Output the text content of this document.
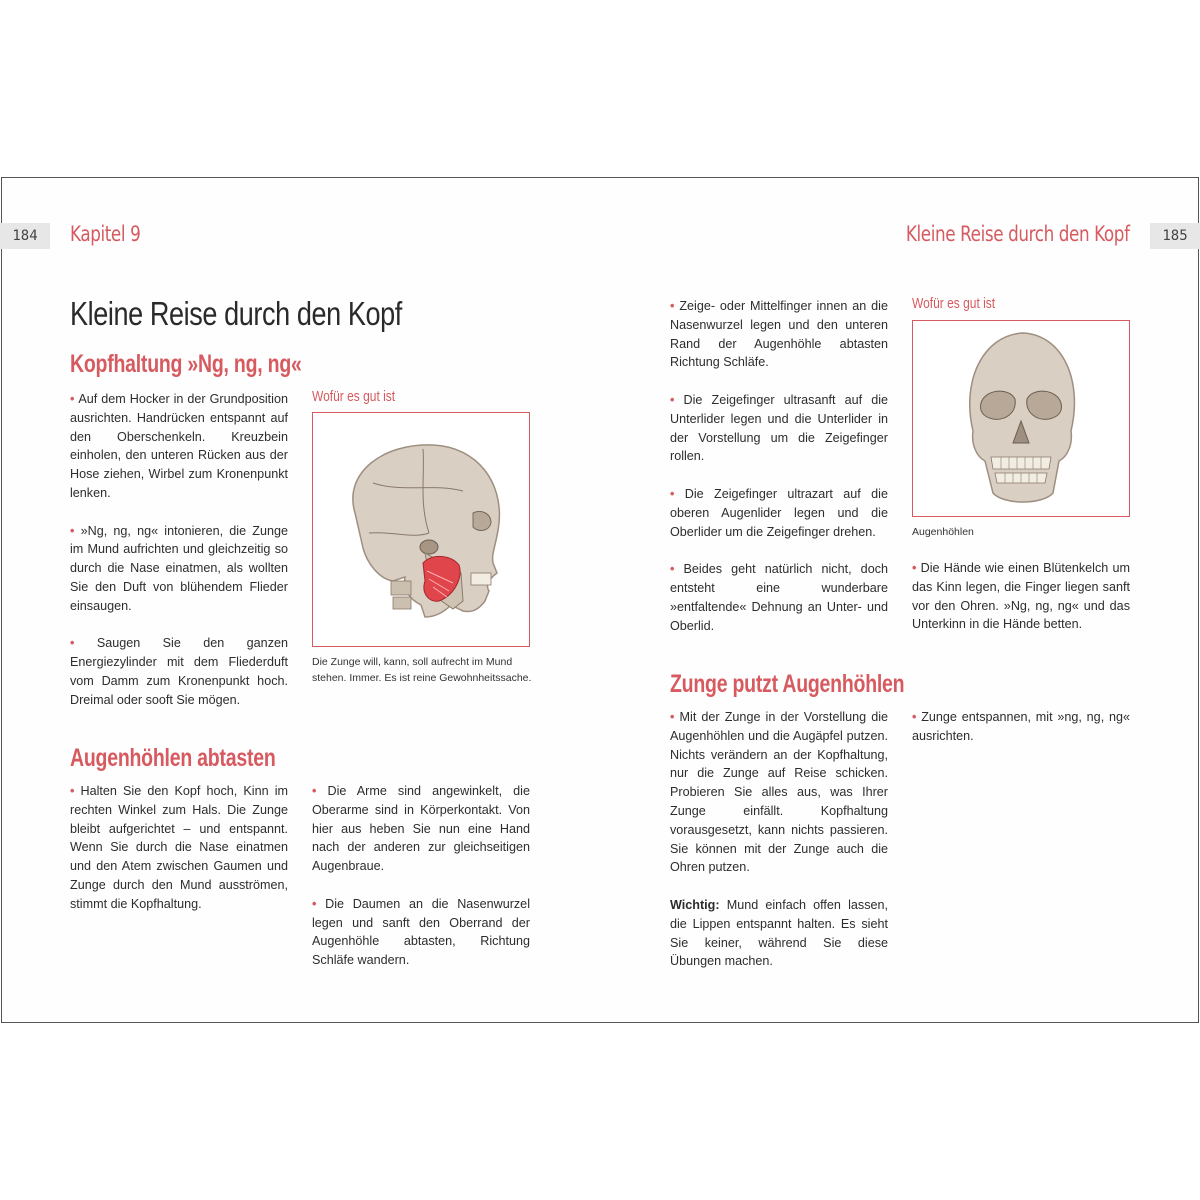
184	Kapitel 9	Kleine Reise durch den Kopf	185
Kleine Reise durch den Kopf
Kopfhaltung »Ng, ng, ng«

• Auf dem Hocker in der Grundposition ausrichten. Handrücken entspannt auf den Oberschenkeln. Kreuzbein einholen, den unteren Rücken aus der Hose ziehen, Wirbel zum Kronenpunkt lenken.

• »Ng, ng, ng« intonieren, die Zunge im Mund aufrichten und gleichzeitig so durch die Nase einatmen, als wollten Sie den Duft von blühendem Flieder einsaugen.

• Saugen Sie den ganzen Energiezylinder mit dem Fliederduft vom Damm zum Kronenpunkt hoch. Dreimal oder sooft Sie mögen.

Wofür es gut ist
Die Zunge will, kann, soll aufrecht im Mund stehen. Immer. Es ist reine Gewohnheitssache.
Augenhöhlen abtasten

• Halten Sie den Kopf hoch, Kinn im rechten Winkel zum Hals. Die Zunge bleibt aufgerichtet – und entspannt. Wenn Sie durch die Nase einatmen und den Atem zwischen Gaumen und Zunge durch den Mund ausströmen, stimmt die Kopfhaltung.

• Die Arme sind angewinkelt, die Oberarme sind in Körperkontakt. Von hier aus heben Sie nun eine Hand nach der anderen zur gleichseitigen Augenbraue.

• Die Daumen an die Nasenwurzel legen und sanft den Oberrand der Augenhöhle abtasten, Richtung Schläfe wandern.

• Zeige- oder Mittelfinger innen an die Nasenwurzel legen und den unteren Rand der Augenhöhle abtasten Richtung Schläfe.

• Die Zeigefinger ultrasanft auf die Unterlider legen und die Unterlider in der Vorstellung um die Zeigefinger rollen.

• Die Zeigefinger ultrazart auf die oberen Augenlider legen und die Oberlider um die Zeigefinger drehen.

• Beides geht natürlich nicht, doch entsteht eine wunderbare »entfaltende« Dehnung an Unter- und Oberlid.

Wofür es gut ist
Augenhöhlen

• Die Hände wie einen Blütenkelch um das Kinn legen, die Finger liegen sanft vor den Ohren. »Ng, ng, ng« und das Unterkinn in die Hände betten.

Zunge putzt Augenhöhlen

• Mit der Zunge in der Vorstellung die Augenhöhlen und die Augäpfel putzen. Nichts verändern an der Kopfhaltung, nur die Zunge auf Reise schicken. Probieren Sie alles aus, was Ihrer Zunge einfällt. Kopfhaltung vorausgesetzt, kann nichts passieren. Sie können mit der Zunge auch die Ohren putzen.

Wichtig: Mund einfach offen lassen, die Lippen entspannt halten. Es sieht Sie keiner, während Sie diese Übungen machen.

• Zunge entspannen, mit »ng, ng, ng« ausrichten.
